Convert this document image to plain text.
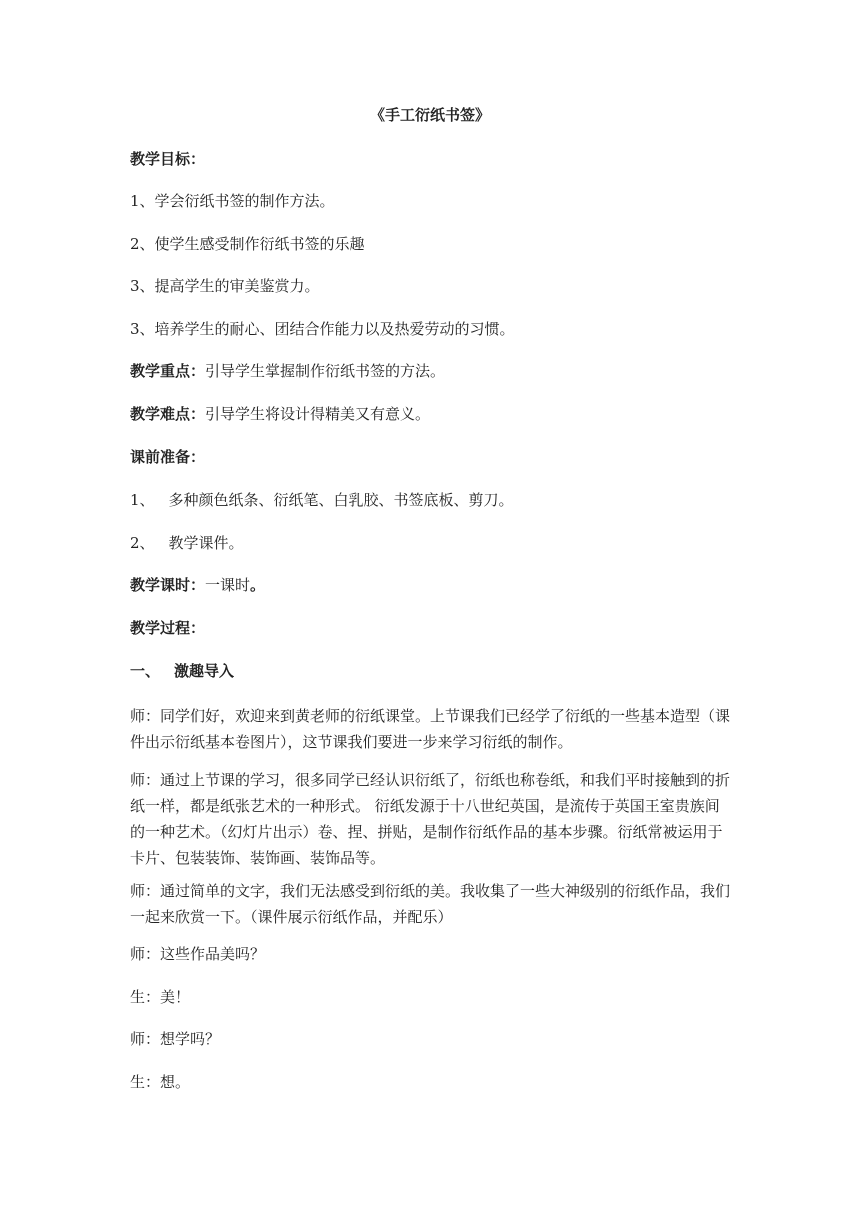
《手工衍纸书签》
教学目标：
1、学会衍纸书签的制作方法。
2、使学生感受制作衍纸书签的乐趣
3、提高学生的审美鉴赏力。
3、培养学生的耐心、团结合作能力以及热爱劳动的习惯。
教学重点：引导学生掌握制作衍纸书签的方法。
教学难点：引导学生将设计得精美又有意义。
课前准备：
1、 多种颜色纸条、衍纸笔、白乳胶、书签底板、剪刀。
2、 教学课件。
教学课时：一课时。
教学过程：
一、 激趣导入
师：同学们好，欢迎来到黄老师的衍纸课堂。上节课我们已经学了衍纸的一些基本造型（课件出示衍纸基本卷图片），这节课我们要进一步来学习衍纸的制作。
师：通过上节课的学习，很多同学已经认识衍纸了，衍纸也称卷纸，和我们平时接触到的折纸一样，都是纸张艺术的一种形式。 衍纸发源于十八世纪英国，是流传于英国王室贵族间的一种艺术。（幻灯片出示）卷、捏、拼贴，是制作衍纸作品的基本步骤。衍纸常被运用于卡片、包装装饰、装饰画、装饰品等。
师：通过简单的文字，我们无法感受到衍纸的美。我收集了一些大神级别的衍纸作品，我们一起来欣赏一下。（课件展示衍纸作品，并配乐）
师：这些作品美吗？
生：美！
师：想学吗？
生：想。
